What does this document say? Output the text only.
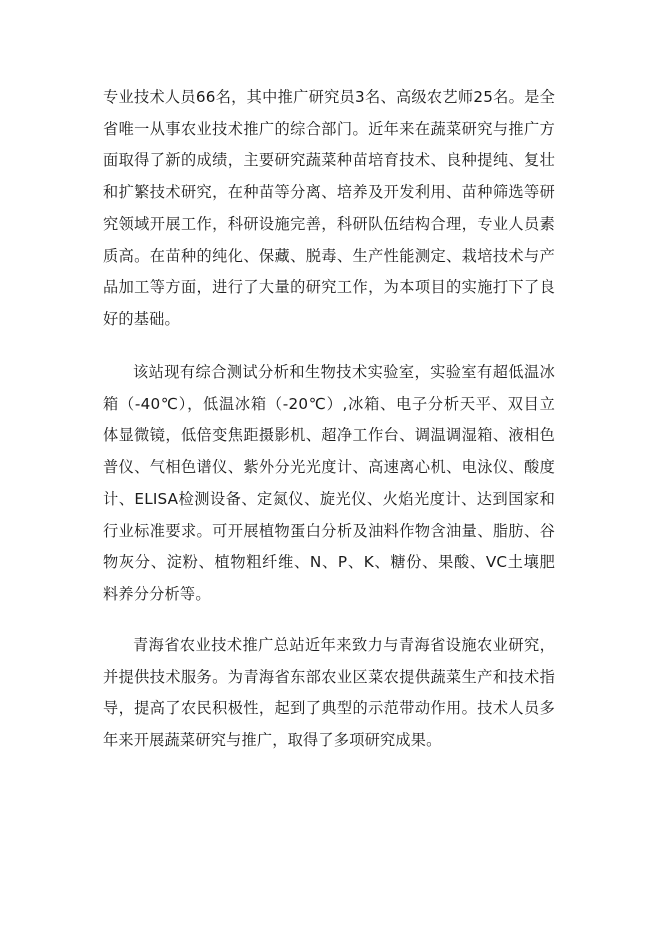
专业技术人员66名，其中推广研究员3名、高级农艺师25名。是全省唯一从事农业技术推广的综合部门。近年来在蔬菜研究与推广方面取得了新的成绩，主要研究蔬菜种苗培育技术、良种提纯、复壮和扩繁技术研究，在种苗等分离、培养及开发利用、苗种筛选等研究领域开展工作，科研设施完善，科研队伍结构合理，专业人员素质高。在苗种的纯化、保藏、脱毒、生产性能测定、栽培技术与产品加工等方面，进行了大量的研究工作，为本项目的实施打下了良好的基础。

该站现有综合测试分析和生物技术实验室，实验室有超低温冰箱（-40℃），低温冰箱（-20℃）,冰箱、电子分析天平、双目立体显微镜，低倍变焦距摄影机、超净工作台、调温调湿箱、液相色普仪、气相色谱仪、紫外分光光度计、高速离心机、电泳仪、酸度计、ELISA检测设备、定氮仪、旋光仪、火焰光度计、达到国家和行业标准要求。可开展植物蛋白分析及油料作物含油量、脂肪、谷物灰分、淀粉、植物粗纤维、N、P、K、糖份、果酸、VC土壤肥料养分分析等。

青海省农业技术推广总站近年来致力与青海省设施农业研究，并提供技术服务。为青海省东部农业区菜农提供蔬菜生产和技术指导，提高了农民积极性，起到了典型的示范带动作用。技术人员多年来开展蔬菜研究与推广，取得了多项研究成果。
